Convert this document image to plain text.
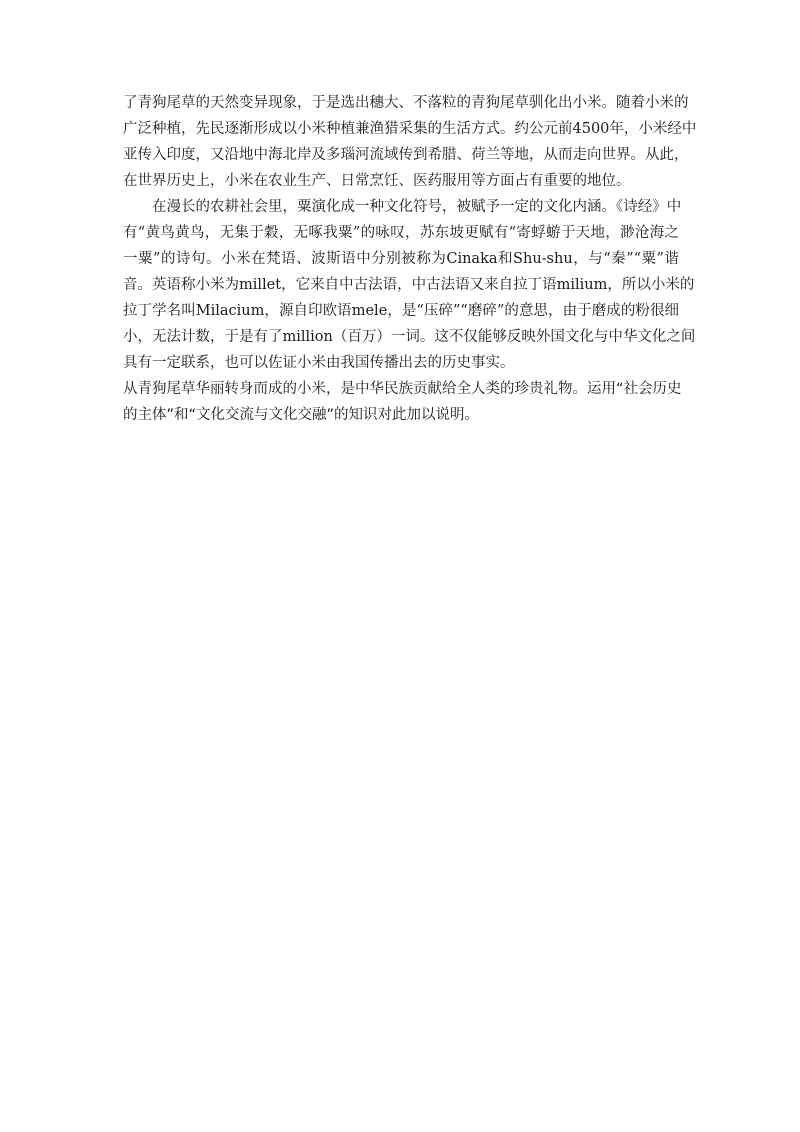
了青狗尾草的天然变异现象，于是选出穗大、不落粒的青狗尾草驯化出小米。随着小米的
广泛种植，先民逐渐形成以小米种植兼渔猎采集的生活方式。约公元前4500年，小米经中
亚传入印度，又沿地中海北岸及多瑙河流域传到希腊、荷兰等地，从而走向世界。从此，
在世界历史上，小米在农业生产、日常烹饪、医药服用等方面占有重要的地位。
在漫长的农耕社会里，粟演化成一种文化符号，被赋予一定的文化内涵。《诗经》中
有“黄鸟黄鸟，无集于穀，无啄我粟”的咏叹，苏东坡更赋有“寄蜉蝣于天地，渺沧海之
一粟”的诗句。小米在梵语、波斯语中分别被称为Cinaka和Shu-shu，与“秦”“粟”谐
音。英语称小米为millet，它来自中古法语，中古法语又来自拉丁语milium，所以小米的
拉丁学名叫Milacium，源自印欧语mele，是“压碎”“磨碎”的意思，由于磨成的粉很细
小，无法计数，于是有了million（百万）一词。这不仅能够反映外国文化与中华文化之间
具有一定联系，也可以佐证小米由我国传播出去的历史事实。
从青狗尾草华丽转身而成的小米，是中华民族贡献给全人类的珍贵礼物。运用“社会历史
的主体”和“文化交流与文化交融”的知识对此加以说明。
